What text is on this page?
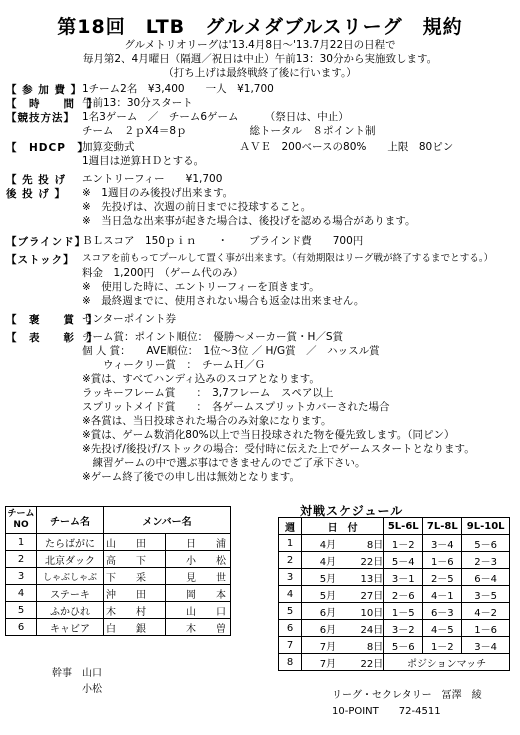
第18回　LTB　グルメダブルスリーグ　規約
グルメトリオリーグは'13.4月8日～'13.7月22日の日程で
毎月第2、4月曜日（隔週／祝日は中止）午前13：30分から実施致します。
（打ち上げは最終戦終了後に行います。）
【 参 加 費 】 1チーム2名　¥3,400　　一人　¥1,700
【　時　　間　】
午前13：30分スタート
【競技方法】 1名3ゲーム　／　チーム6ゲーム　　　（祭日は、中止）
チーム　２ｐX4＝8ｐ　　　　　　総トータル　８ポイント制
【　HDCP　】
加算変動式　　　　　　　　　　ＡＶＥ　200ベースの80%　　上限　80ピン
1週目は逆算ＨＤとする。
【 先 投 げ エントリーフィー　　¥1,700
後 投 げ 】 ※　1週目のみ後投げ出来ます。
※　先投げは、次週の前日までに投球すること。
※　当日急な出来事が起きた場合は、後投げを認める場合があります。
【ブラインド】
ＢＬスコア　150ｐｉｎ　　・　　ブラインド費　　700円
【ストック】 スコアを前もってプールして置く事が出来ます。（有効期限はリーグ戦が終了するまでとする。）
料金　1,200円　（ゲーム代のみ）
※　使用した時に、エントリーフィーを頂きます。
※　最終週までに、使用されない場合も返金は出来ません。
【　褒　　賞　】
センターポイント券
【　表　　彰　】
チーム賞：ポイント順位：　優勝～メーカー賞・H／S賞
個 人 賞：　　AVE順位：　1位～3位 ／ H/G賞　／　ハッスル賞
　　ウィークリー賞　：　チームＨ／Ｇ
※賞は、すべてハンディ込みのスコアとなります。
ラッキーフレーム賞　　：　3,7フレーム　スペア以上
スプリットメイド賞　　：　各ゲームスプリットカバーされた場合
※各賞は、当日投球された場合のみ対象になります。
※賞は、ゲーム数消化80%以上で当日投球された物を優先致します。（同ピン）
※先投げ/後投げ/ストックの場合：受付時に伝えた上でゲームスタートとなります。
　練習ゲームの中で選ぶ事はできませんのでご了承下さい。
※ゲーム終了後での申し出は無効となります。
チーム NO	チーム名	メンバー名	
1	たらばがに	山　　田	日　　浦
2	北京ダック	高　　下	小　　松
3	しゃぶしゃぶ	下　　采	見　　世
4	ステーキ	沖　　田	岡　　本
5	ふかひれ	木　　村	山　　口
6	キャビア	白　　銀	木　　曽
対戦スケジュール
週	日　付		5L-6L	7L-8L	9L-10L
1	4月	8日	1－2	3－4	5－6
2	4月	22日	5－4	1－6	2－3
3	5月	13日	3－1	2－5	6－4
4	5月	27日	2－6	4－1	3－5
5	6月	10日	1－5	6－3	4－2
6	6月	24日	3－2	4－5	1－6
7	7月	8日	5－6	1－2	3－4
8	7月	22日	ポジションマッチ		
幹事 山口
小松
リーグ・セクレタリー　冨澤　綾
10-POINT　　72-4511
